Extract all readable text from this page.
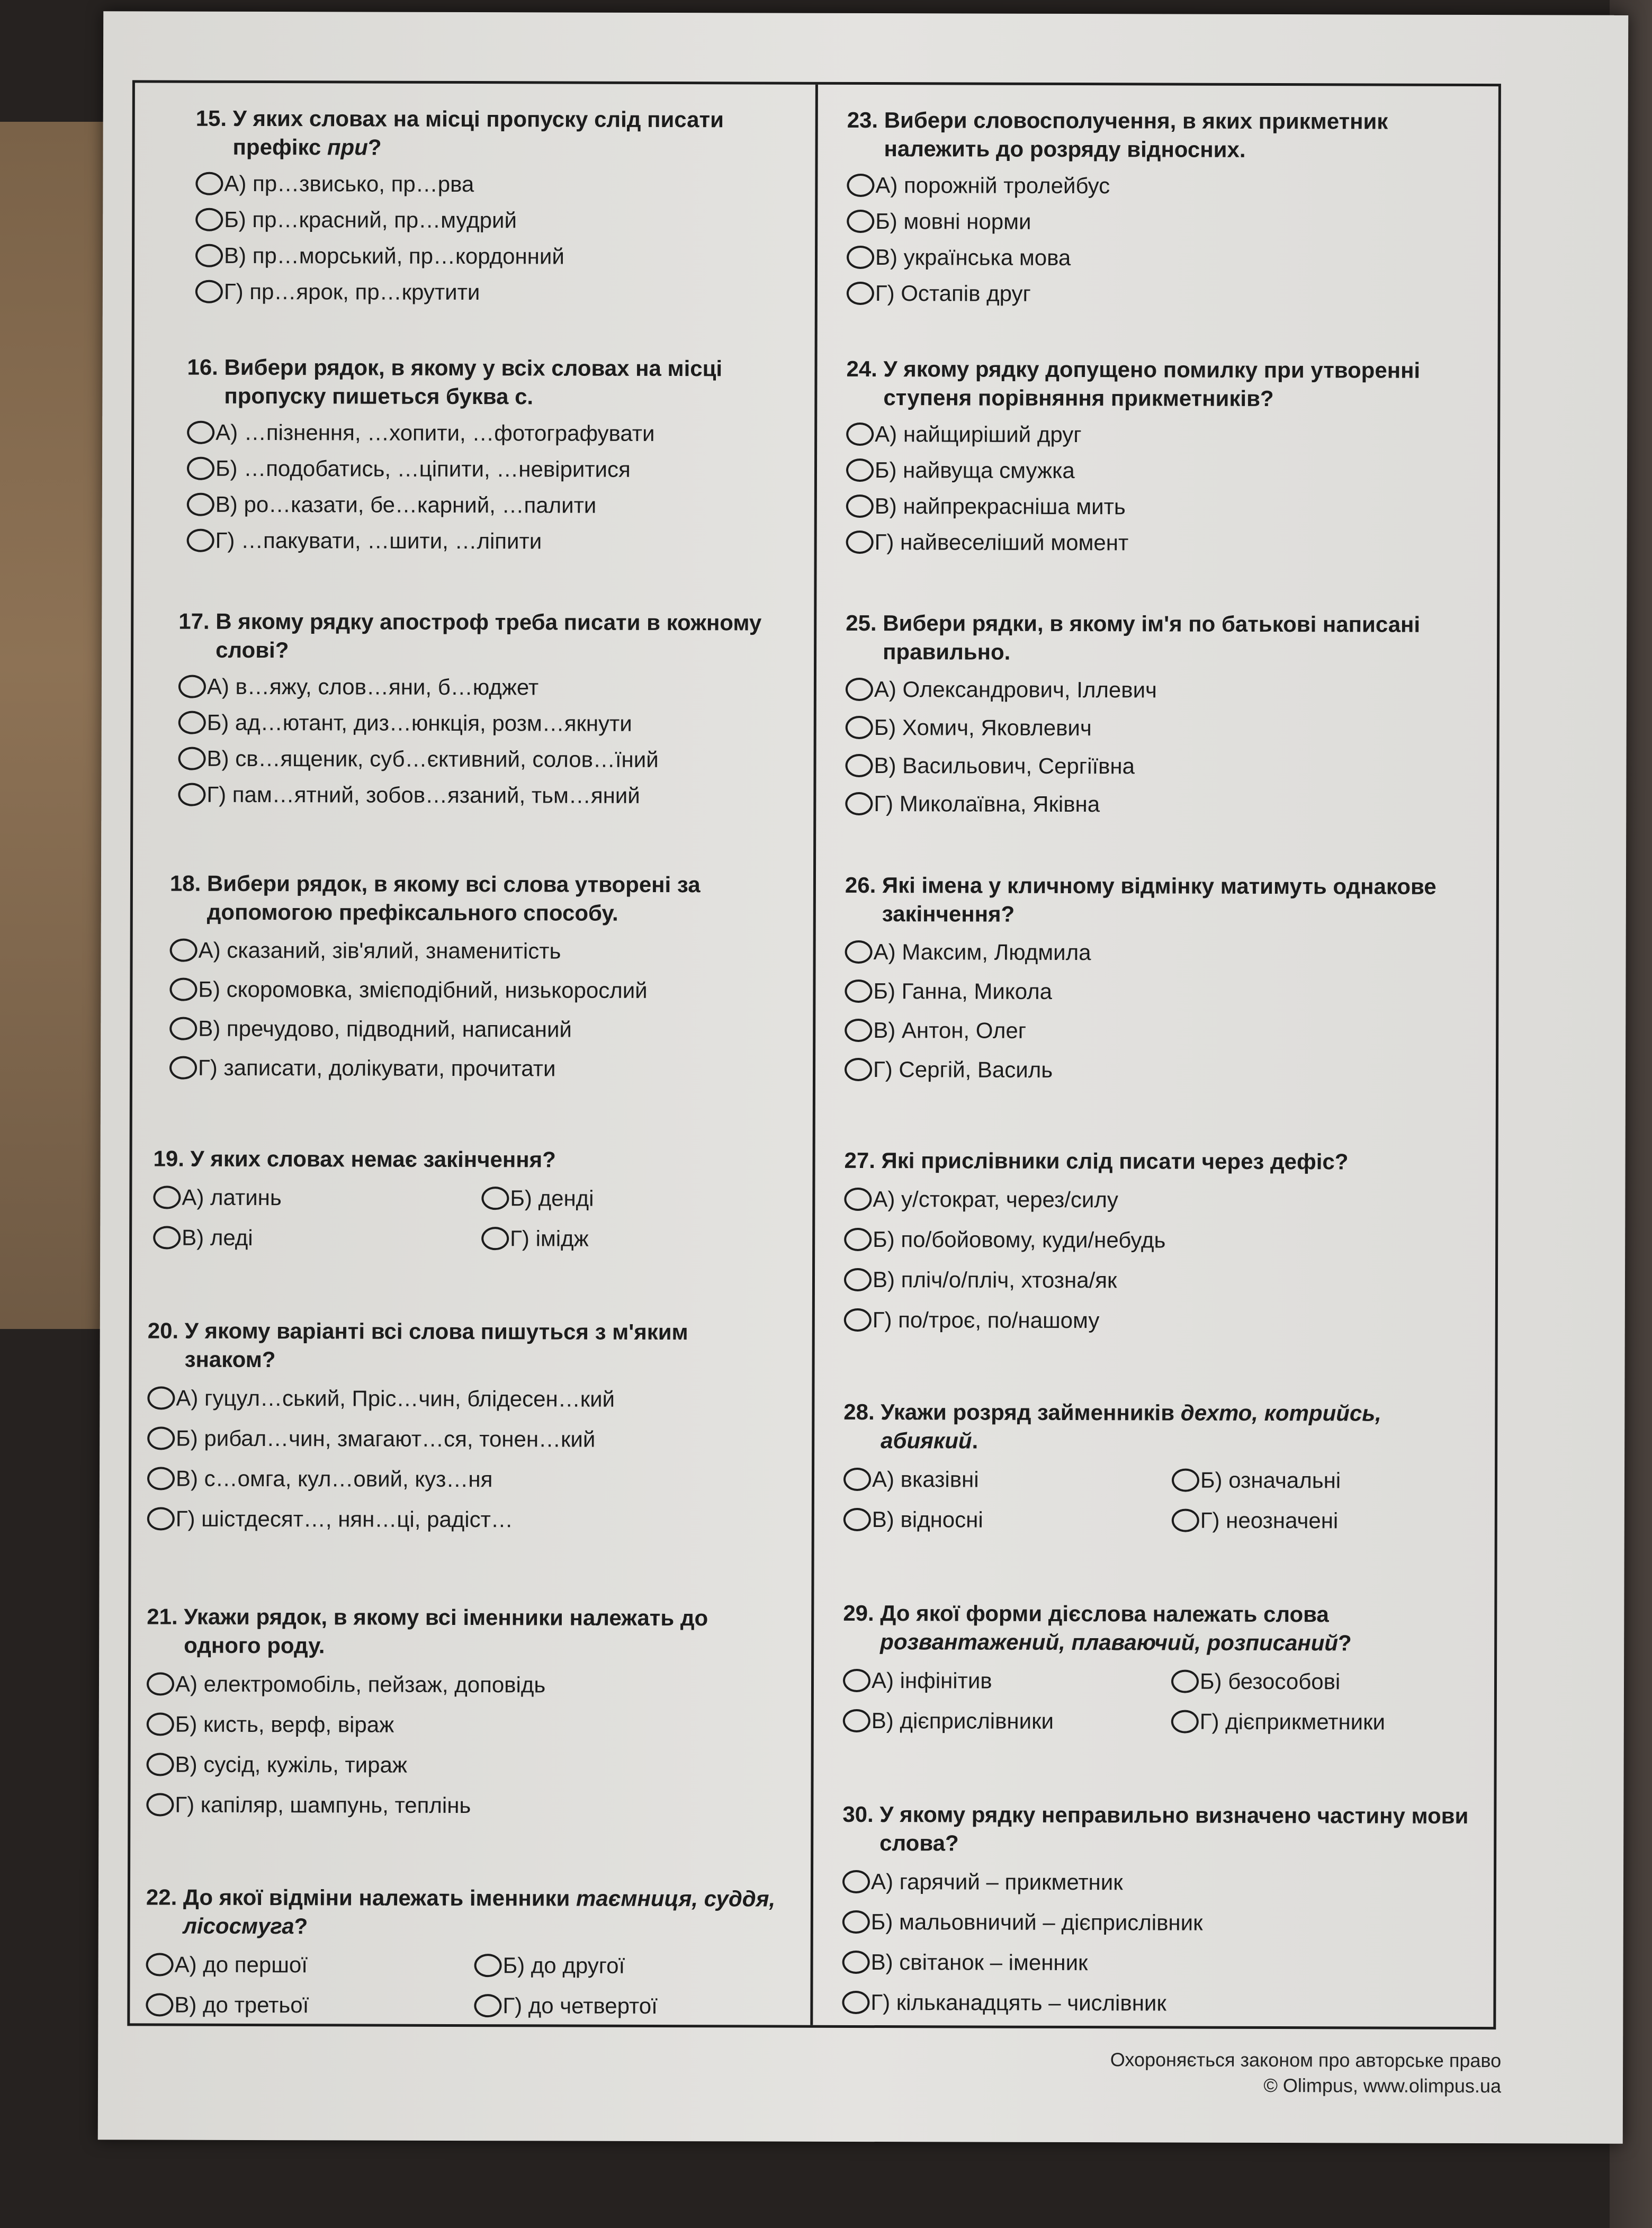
15. У яких словах на місці пропуску слід писати префікс при?
А) пр…звисько, пр…рва
Б) пр…красний, пр…мудрий
В) пр…морський, пр…кордонний
Г) пр…ярок, пр…крутити
16. Вибери рядок, в якому у всіх словах на місці пропуску пишеться буква с.
А) …пізнення, …хопити, …фотографувати
Б) …подобатись, …ціпити, …невіритися
В) ро…казати, бе…карний, …палити
Г) …пакувати, …шити, …ліпити
17. В якому рядку апостроф треба писати в кожному слові?
А) в…яжу, слов…яни, б…юджет
Б) ад…ютант, диз…юнкція, розм…якнути
В) св…ященик, суб…єктивний, солов…їний
Г) пам…ятний, зобов…язаний, тьм…яний
18. Вибери рядок, в якому всі слова утворені за допомогою префіксального способу.
А) сказаний, зів'ялий, знаменитість
Б) скоромовка, змієподібний, низькорослий
В) пречудово, підводний, написаний
Г) записати, долікувати, прочитати
19. У яких словах немає закінчення?
А) латинь	Б) денді
В) леді	Г) імідж
20. У якому варіанті всі слова пишуться з м'яким знаком?
А) гуцул…ський, Пріс…чин, блідесен…кий
Б) рибал…чин, змагают…ся, тонен…кий
В) с…омга, кул…овий, куз…ня
Г) шістдесят…, нян…ці, радіст…
21. Укажи рядок, в якому всі іменники належать до одного роду.
А) електромобіль, пейзаж, доповідь
Б) кисть, верф, віраж
В) сусід, кужіль, тираж
Г) капіляр, шампунь, теплінь
22. До якої відміни належать іменники таємниця, суддя, лісосмуга?
А) до першої	Б) до другої
В) до третьої	Г) до четвертої
23. Вибери словосполучення, в яких прикметник належить до розряду відносних.
А) порожній тролейбус
Б) мовні норми
В) українська мова
Г) Остапів друг
24. У якому рядку допущено помилку при утворенні ступеня порівняння прикметників?
А) найщиріший друг
Б) найвуща смужка
В) найпрекрасніша мить
Г) найвеселіший момент
25. Вибери рядки, в якому ім'я по батькові написані правильно.
А) Олександрович, Іллевич
Б) Хомич, Яковлевич
В) Васильович, Сергіївна
Г) Миколаївна, Яківна
26. Які імена у кличному відмінку матимуть однакове закінчення?
А) Максим, Людмила
Б) Ганна, Микола
В) Антон, Олег
Г) Сергій, Василь
27. Які прислівники слід писати через дефіс?
А) у/стократ, через/силу
Б) по/бойовому, куди/небудь
В) пліч/о/пліч, хтозна/як
Г) по/троє, по/нашому
28. Укажи розряд займенників дехто, котрийсь, абиякий.
А) вказівні	Б) означальні
В) відносні	Г) неозначені
29. До якої форми дієслова належать слова розвантажений, плаваючий, розписаний?
А) інфінітив	Б) безособові
В) дієприслівники	Г) дієприкметники
30. У якому рядку неправильно визначено частину мови слова?
А) гарячий – прикметник
Б) мальовничий – дієприслівник
В) світанок – іменник
Г) кільканадцять – числівник
Охороняється законом про авторське право
© Olimpus, www.olimpus.ua
